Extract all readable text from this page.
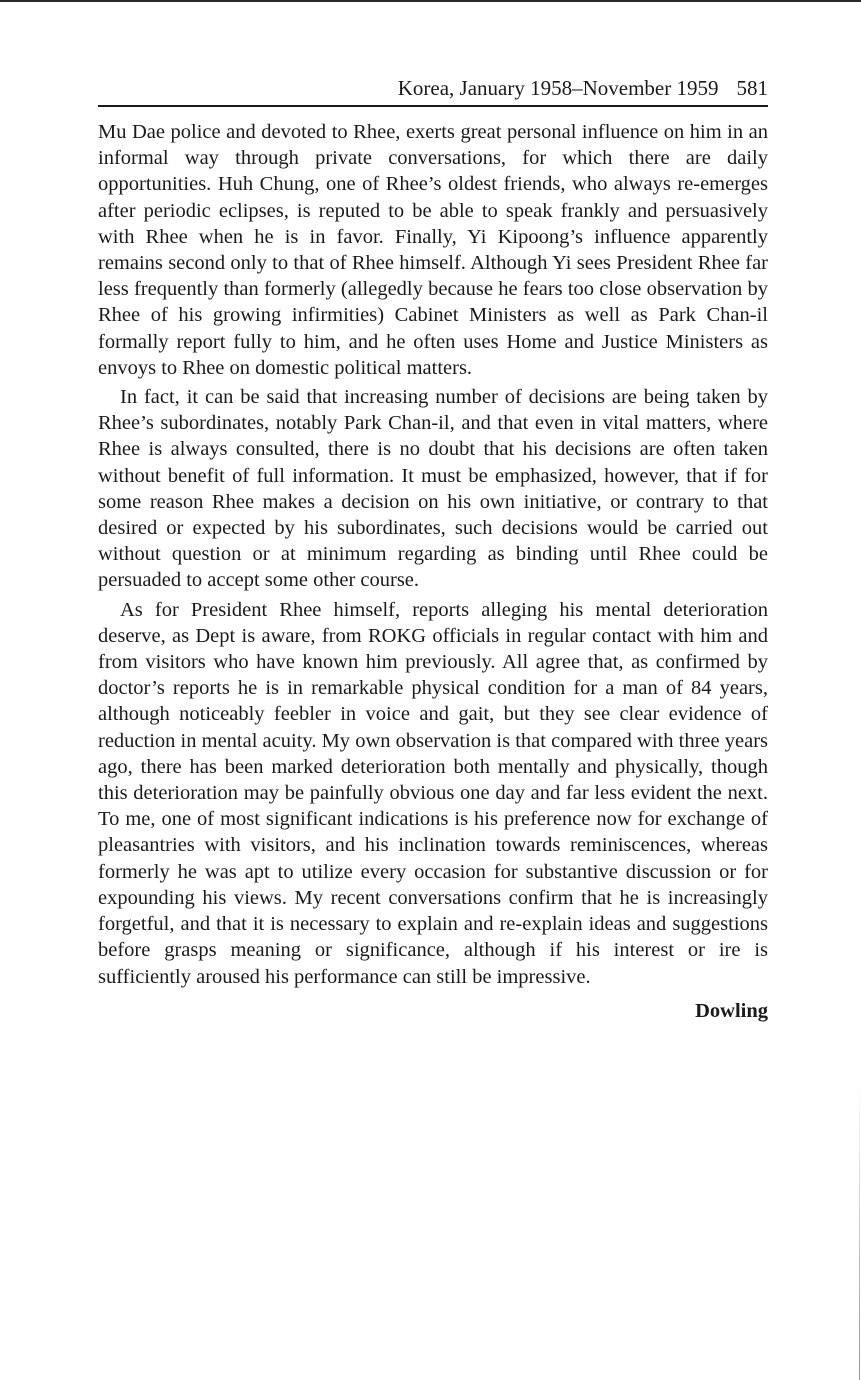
Korea, January 1958–November 1959 581

Mu Dae police and devoted to Rhee, exerts great personal influence on him in an informal way through private conversations, for which there are daily opportunities. Huh Chung, one of Rhee’s oldest friends, who always re-emerges after periodic eclipses, is reputed to be able to speak frankly and persuasively with Rhee when he is in favor. Finally, Yi Kipoong’s influence apparently remains second only to that of Rhee himself. Although Yi sees President Rhee far less frequently than formerly (allegedly because he fears too close observation by Rhee of his growing infirmities) Cabinet Ministers as well as Park Chan-il formally report fully to him, and he often uses Home and Justice Ministers as envoys to Rhee on domestic political matters.

In fact, it can be said that increasing number of decisions are being taken by Rhee’s subordinates, notably Park Chan-il, and that even in vital matters, where Rhee is always consulted, there is no doubt that his decisions are often taken without benefit of full information. It must be emphasized, however, that if for some reason Rhee makes a decision on his own initiative, or contrary to that desired or expected by his subordinates, such decisions would be carried out without question or at minimum regarding as binding until Rhee could be persuaded to accept some other course.

As for President Rhee himself, reports alleging his mental deterioration deserve, as Dept is aware, from ROKG officials in regular contact with him and from visitors who have known him previously. All agree that, as confirmed by doctor’s reports he is in remarkable physical condition for a man of 84 years, although noticeably feebler in voice and gait, but they see clear evidence of reduction in mental acuity. My own observation is that compared with three years ago, there has been marked deterioration both mentally and physically, though this deterioration may be painfully obvious one day and far less evident the next. To me, one of most significant indications is his preference now for exchange of pleasantries with visitors, and his inclination towards reminiscences, whereas formerly he was apt to utilize every occasion for substantive discussion or for expounding his views. My recent conversations confirm that he is increasingly forgetful, and that it is necessary to explain and re-explain ideas and suggestions before grasps meaning or significance, although if his interest or ire is sufficiently aroused his performance can still be impressive.

Dowling
